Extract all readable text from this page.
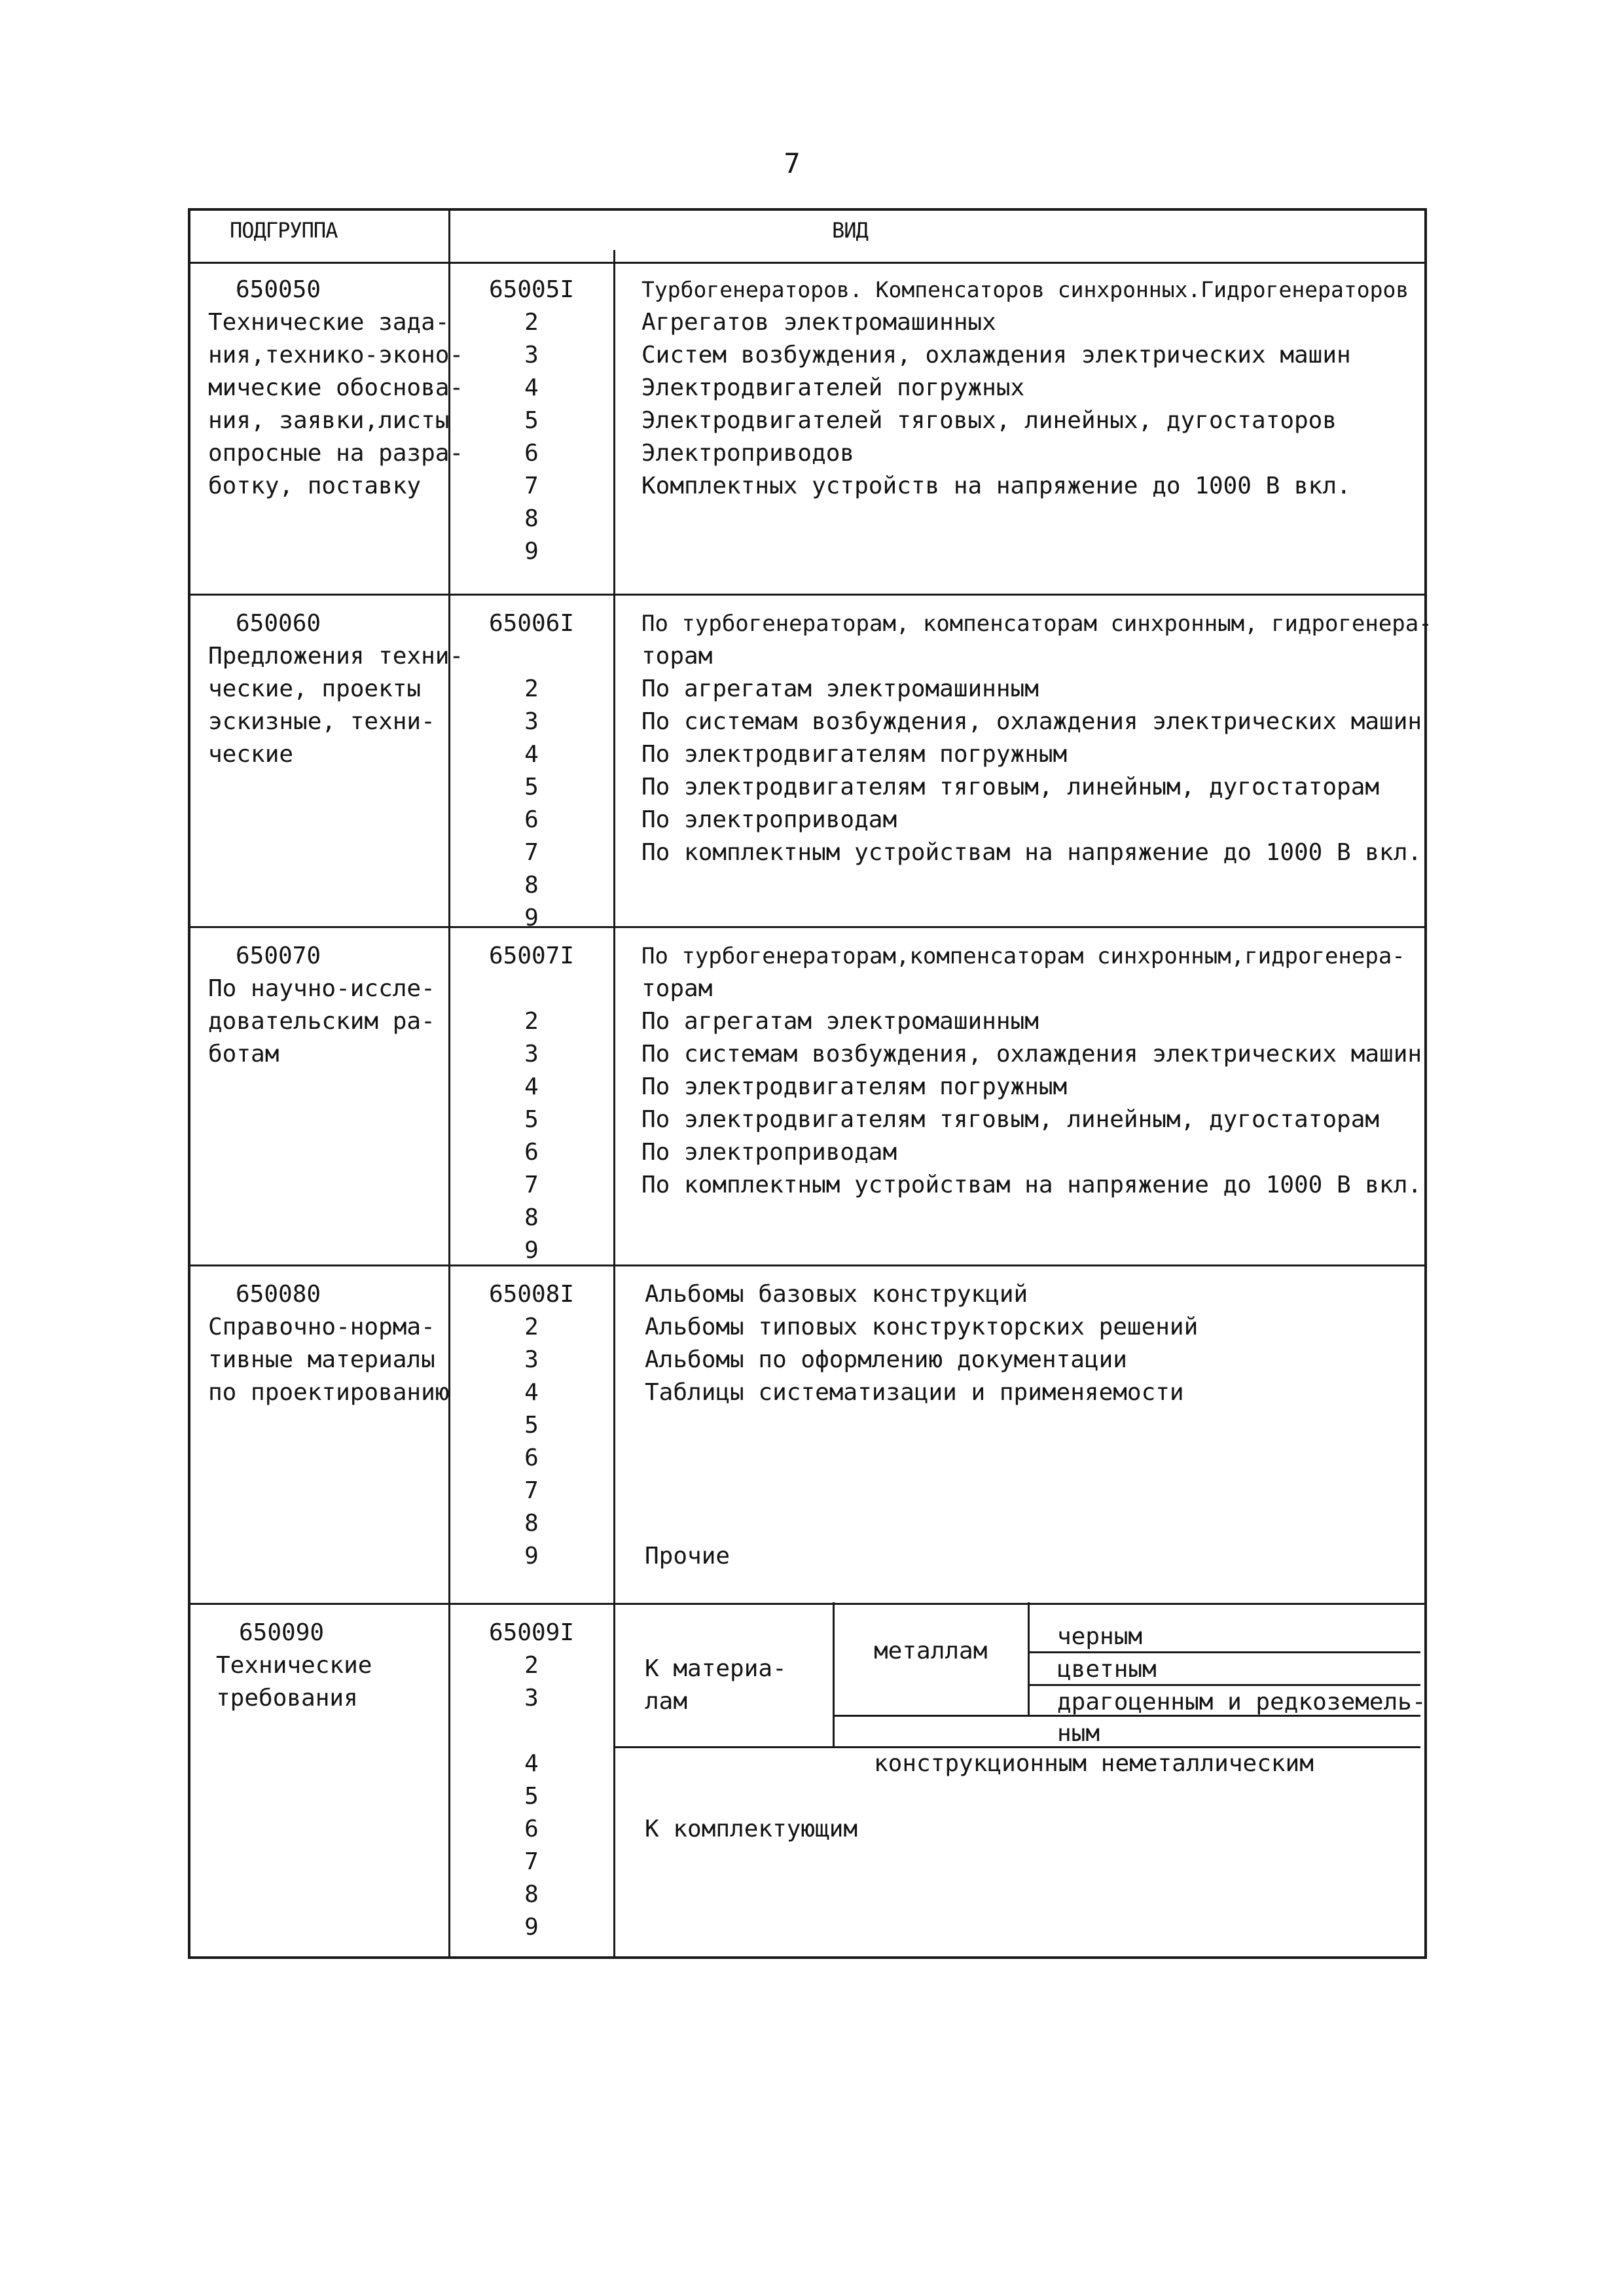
7
ПОДГРУППА	ВИД
650050
Технические зада-
ния,технико-эконо-
мические обоснова-
ния, заявки,листы
опросные на разра-
ботку, поставку
65005I
2
3
4
5
6
7
8
9
Турбогенераторов. Компенсаторов синхронных.Гидрогенераторов
Агрегатов электромашинных
Систем возбуждения, охлаждения электрических машин
Электродвигателей погружных
Электродвигателей тяговых, линейных, дугостаторов
Электроприводов
Комплектных устройств на напряжение до 1000 В вкл.
650060
Предложения техни-
ческие, проекты
эскизные, техни-
ческие
65006I
2
3
4
5
6
7
8
9
По турбогенераторам, компенсаторам синхронным, гидрогенера-
торам
По агрегатам электромашинным
По системам возбуждения, охлаждения электрических машин
По электродвигателям погружным
По электродвигателям тяговым, линейным, дугостаторам
По электроприводам
По комплектным устройствам на напряжение до 1000 В вкл.
650070
По научно-иссле-
довательским ра-
ботам
65007I
2
3
4
5
6
7
8
9
По турбогенераторам,компенсаторам синхронным,гидрогенера-
торам
По агрегатам электромашинным
По системам возбуждения, охлаждения электрических машин
По электродвигателям погружным
По электродвигателям тяговым, линейным, дугостаторам
По электроприводам
По комплектным устройствам на напряжение до 1000 В вкл.
650080
Справочно-норма-
тивные материалы
по проектированию
65008I
2
3
4
5
6
7
8
9
Альбомы базовых конструкций
Альбомы типовых конструкторских решений
Альбомы по оформлению документации
Таблицы систематизации и применяемости
Прочие
650090
Технические
требования
65009I
2
3
4
5
6
7
8
9
К материа-
лам
металлам
черным
цветным
драгоценным и редкоземель-
ным
конструкционным неметаллическим
К комплектующим
